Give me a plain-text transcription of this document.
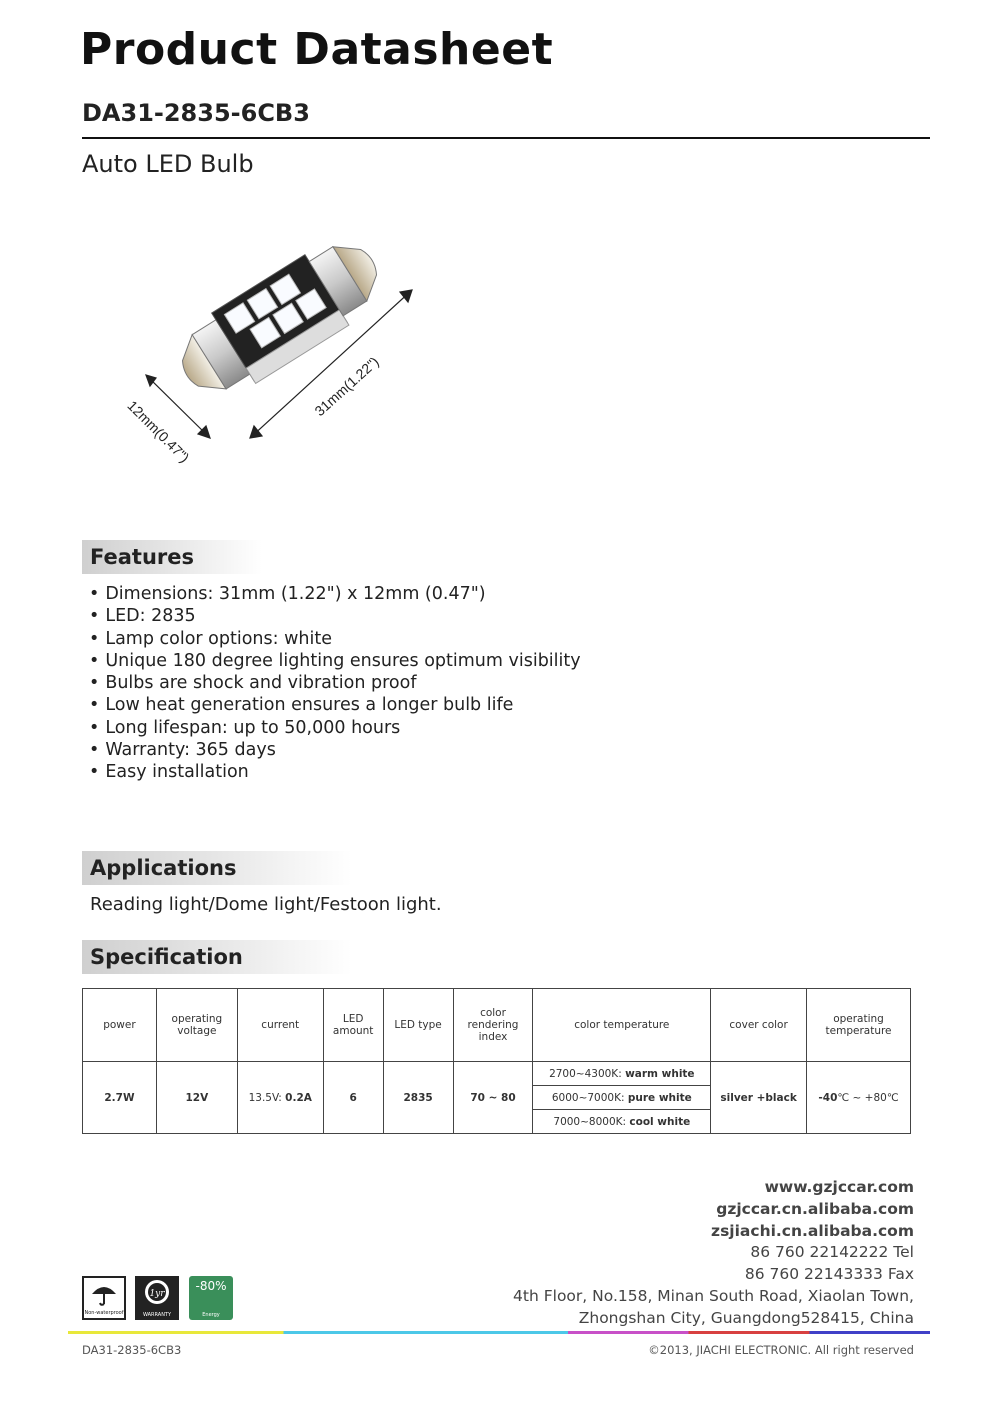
Product Datasheet
DA31-2835-6CB3
Auto LED Bulb
31mm(1.22")
12mm(0.47")
Features
• Dimensions: 31mm (1.22") x 12mm (0.47")
• LED: 2835
• Lamp color options: white
• Unique 180 degree lighting ensures optimum visibility
• Bulbs are shock and vibration proof
• Low heat generation ensures a longer bulb life
• Long lifespan: up to 50,000 hours
• Warranty: 365 days
• Easy installation
Applications
Reading light/Dome light/Festoon light.
Specification
power	operating voltage	current	LED amount	LED type	color rendering index	color temperature	cover color	operating temperature
2.7W	12V	13.5V: 0.2A	6	2835	70 ~ 80	2700~4300K: warm white	silver +black	-40℃ ~ +80℃
						6000~7000K: pure white		
						7000~8000K: cool white		
www.gzjccar.com
gzjccar.cn.alibaba.com
zsjiachi.cn.alibaba.com
86 760 22142222 Tel
86 760 22143333 Fax
4th Floor, No.158, Minan South Road, Xiaolan Town,
Zhongshan City, Guangdong528415, China
Non-waterproof
1yr
WARRANTY
-80%
Energy
DA31-2835-6CB3	©2013, JIACHI ELECTRONIC. All right reserved
